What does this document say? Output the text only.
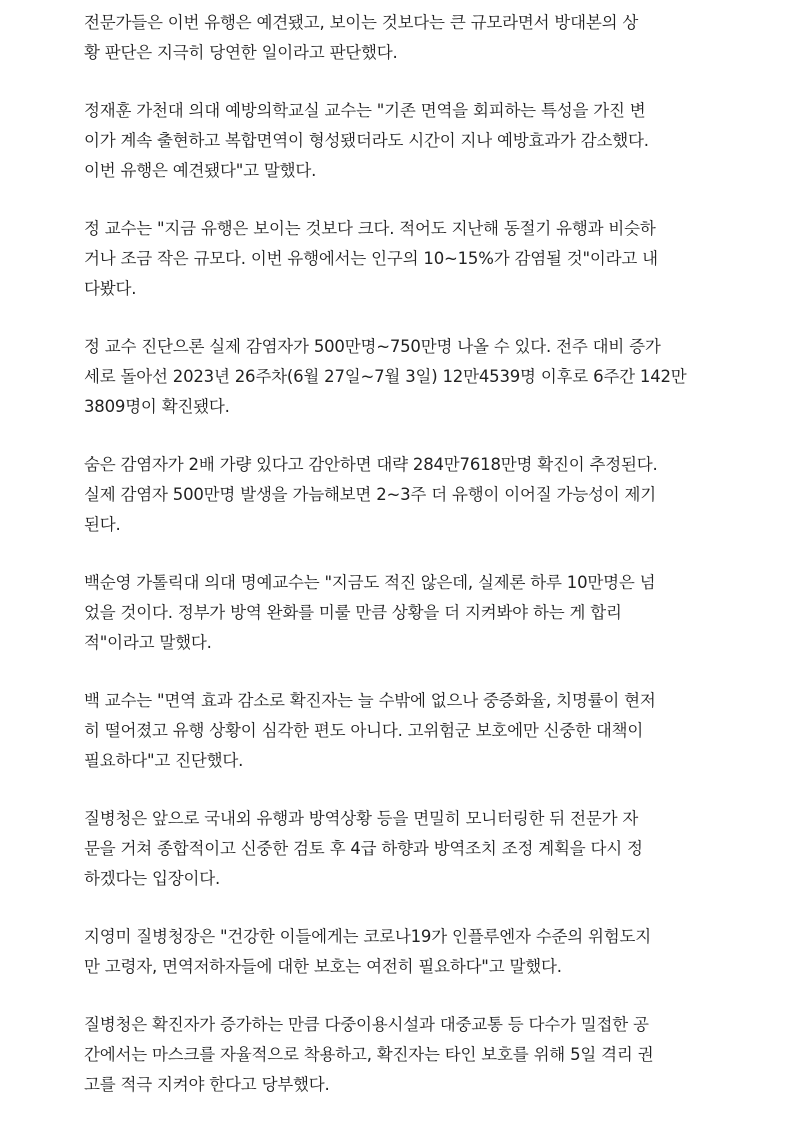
전문가들은 이번 유행은 예견됐고, 보이는 것보다는 큰 규모라면서 방대본의 상
황 판단은 지극히 당연한 일이라고 판단했다.

정재훈 가천대 의대 예방의학교실 교수는 "기존 면역을 회피하는 특성을 가진 변
이가 계속 출현하고 복합면역이 형성됐더라도 시간이 지나 예방효과가 감소했다.
이번 유행은 예견됐다"고 말했다.

정 교수는 "지금 유행은 보이는 것보다 크다. 적어도 지난해 동절기 유행과 비슷하
거나 조금 작은 규모다. 이번 유행에서는 인구의 10~15%가 감염될 것"이라고 내
다봤다.

정 교수 진단으론 실제 감염자가 500만명~750만명 나올 수 있다. 전주 대비 증가
세로 돌아선 2023년 26주차(6월 27일~7월 3일) 12만4539명 이후로 6주간 142만
3809명이 확진됐다.

숨은 감염자가 2배 가량 있다고 감안하면 대략 284만7618만명 확진이 추정된다.
실제 감염자 500만명 발생을 가늠해보면 2~3주 더 유행이 이어질 가능성이 제기
된다.

백순영 가톨릭대 의대 명예교수는 "지금도 적진 않은데, 실제론 하루 10만명은 넘
었을 것이다. 정부가 방역 완화를 미룰 만큼 상황을 더 지켜봐야 하는 게 합리
적"이라고 말했다.

백 교수는 "면역 효과 감소로 확진자는 늘 수밖에 없으나 중증화율, 치명률이 현저
히 떨어졌고 유행 상황이 심각한 편도 아니다. 고위험군 보호에만 신중한 대책이
필요하다"고 진단했다.

질병청은 앞으로 국내외 유행과 방역상황 등을 면밀히 모니터링한 뒤 전문가 자
문을 거쳐 종합적이고 신중한 검토 후 4급 하향과 방역조치 조정 계획을 다시 정
하겠다는 입장이다.

지영미 질병청장은 "건강한 이들에게는 코로나19가 인플루엔자 수준의 위험도지
만 고령자, 면역저하자들에 대한 보호는 여전히 필요하다"고 말했다.

질병청은 확진자가 증가하는 만큼 다중이용시설과 대중교통 등 다수가 밀접한 공
간에서는 마스크를 자율적으로 착용하고, 확진자는 타인 보호를 위해 5일 격리 권
고를 적극 지켜야 한다고 당부했다.
